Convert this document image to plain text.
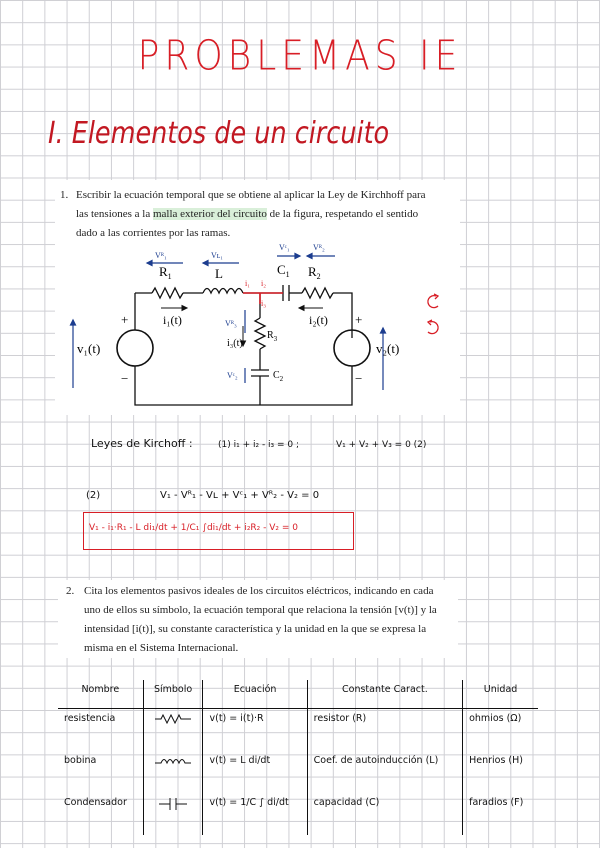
PROBLEMAS IE
I. Elementos de un circuito
1. Escribir la ecuación temporal que se obtiene al aplicar la Ley de Kirchhoff para
las tensiones a la malla exterior del circuito de la figura, respetando el sentido
dado a las corrientes por las ramas.
$R_1$	L	$C_1$ $R_2$
$R_3$
$C_2$
i₁(t)	i₂(t)
i₃(t)
v₁(t)	v₂(t)
+
−
+
−
Vᴿ₁	Vʟ₁
Vᶜ₁	Vᴿ₂
Vᴿ₃
Vᶜ₂
i₁ i₂
i₃
Leyes de Kirchoff :	(1) i₁ + i₂ - i₃ = 0 ;	V₁ + V₂ + V₃ = 0 (2)
(2)	V₁ - Vᴿ₁ - Vʟ + Vᶜ₁ + Vᴿ₂ - V₂ = 0
V₁ - i₁·R₁ - L di₁/dt + 1/C₁ ∫di₁/dt + i₂R₂ - V₂ = 0
2. Cita los elementos pasivos ideales de los circuitos eléctricos, indicando en cada
uno de ellos su símbolo, la ecuación temporal que relaciona la tensión [v(t)] y la
intensidad [i(t)], su constante característica y la unidad en la que se expresa la
misma en el Sistema Internacional.
Nombre	Símbolo	Ecuación	Constante Caract.	Unidad
resistencia		v(t) = i(t)·R	resistor (R)	ohmios (Ω)
bobina		v(t) = L di/dt	Coef. de autoinducción (L)	Henrios (H)
Condensador		v(t) = 1/C ∫ di/dt	capacidad (C)	faradios (F)
